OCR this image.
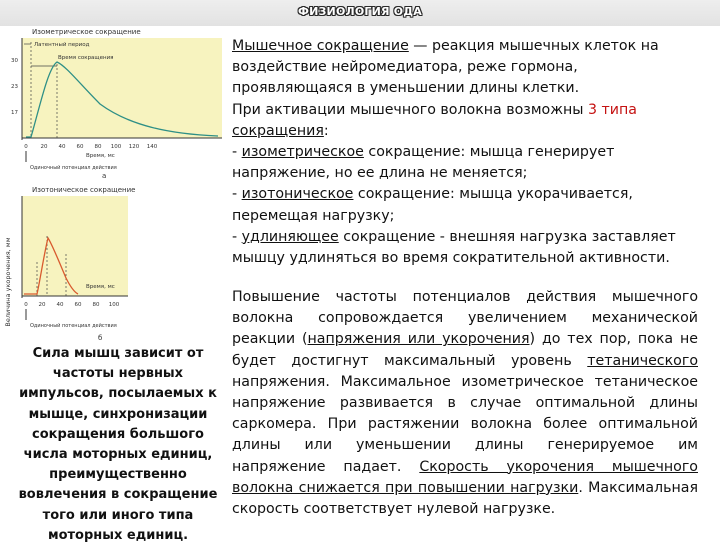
ФИЗИОЛОГИЯ ОДА
Величина укорочения, мм
Изометрическое сокращение
Латентный период
Время сокращения
30
23
17
0 20 40 60 80 100 120 140
Время, мс
Одиночный потенциал действия
а
Изотоническое сокращение
0 20 40 60 80 100
Время, мс
Одиночный потенциал действия
б

Мышечное сокращение — реакция мышечных клеток на воздействие нейромедиатора, реже гормона, проявляющаяся в уменьшении длины клетки.

При активации мышечного волокна возможны 3 типа сокращения:

- изометрическое сокращение: мышца генерирует напряжение, но ее длина не меняется;

- изотоническое сокращение: мышца укорачивается, перемещая нагрузку;

- удлиняющее сокращение - внешняя нагрузка заставляет мышцу удлиняться во время сократительной активности.

Повышение частоты потенциалов действия мышечного волокна сопровождается увеличением механической реакции (напряжения или укорочения) до тех пор, пока не будет достигнут максимальный уровень тетанического напряжения. Максимальное изометрическое тетаническое напряжение развивается в случае оптимальной длины саркомера. При растяжении волокна более оптимальной длины или уменьшении длины генерируемое им напряжение падает. Скорость укорочения мышечного волокна снижается при повышении нагрузки. Максимальная скорость соответствует нулевой нагрузке.
Сила мышц зависит от частоты нервных импульсов, посылаемых к мышце, синхронизации сокращения большого числа моторных единиц, преимущественно вовлечения в сокращение того или иного типа моторных единиц.
